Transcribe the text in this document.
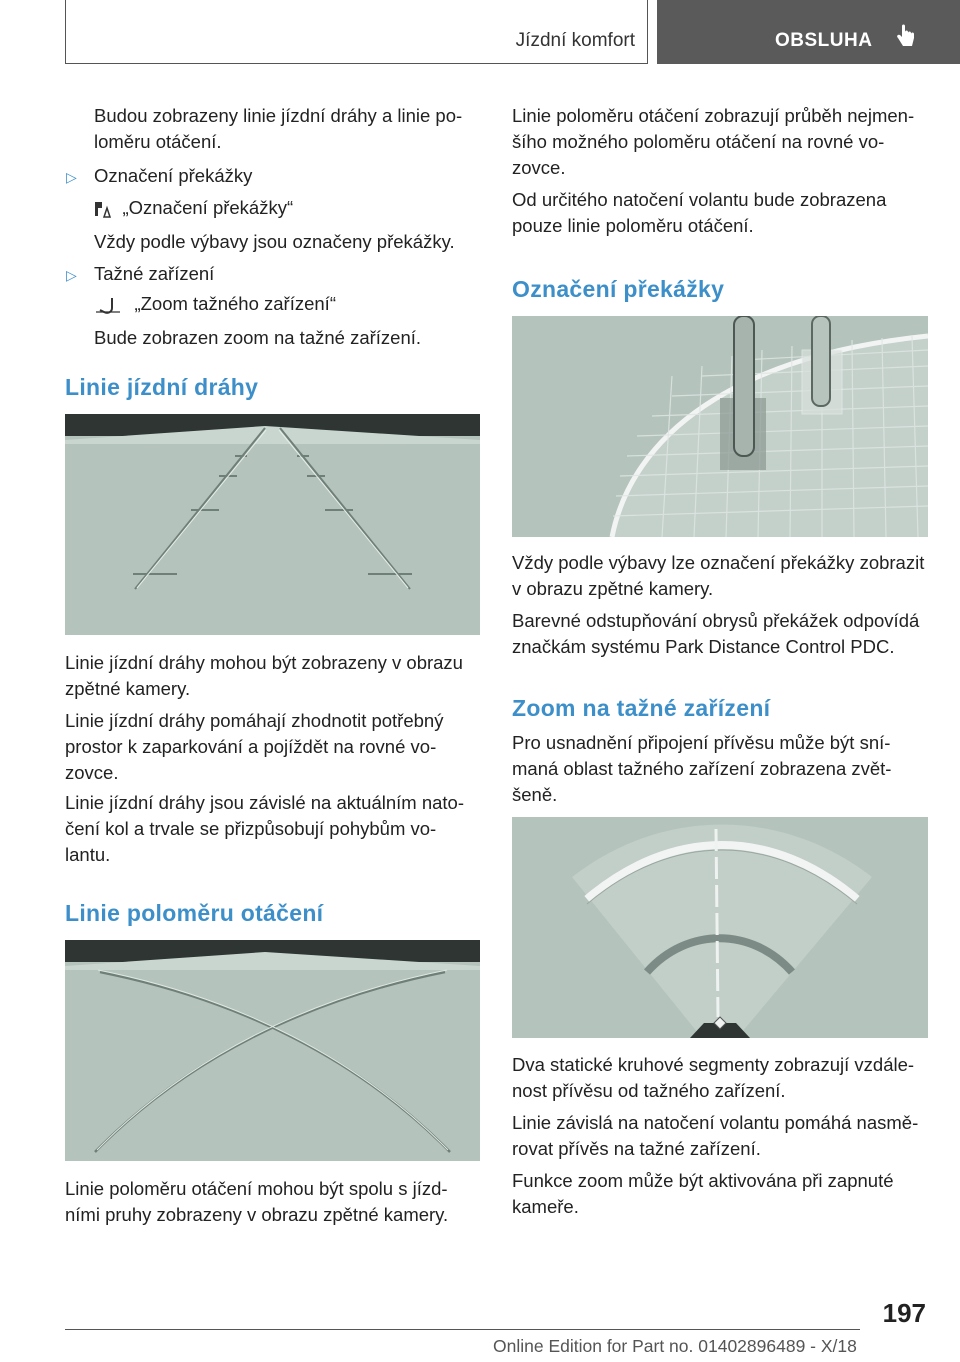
Jízdní komfort	OBSLUHA

Budou zobrazeny linie jízdní dráhy a linie po-

loměru otáčení.

▷ Označení překážky

„Označení překážky“

Vždy podle výbavy jsou označeny překážky.

▷ Tažné zařízení

„Zoom tažného zařízení“

Bude zobrazen zoom na tažné zařízení.

Linie jízdní dráhy

Linie jízdní dráhy mohou být zobrazeny v obrazu

zpětné kamery.

Linie jízdní dráhy pomáhají zhodnotit potřebný

prostor k zaparkování a pojíždět na rovné vo-

zovce.

Linie jízdní dráhy jsou závislé na aktuálním nato-

čení kol a trvale se přizpůsobují pohybům vo-

lantu.

Linie poloměru otáčení

Linie poloměru otáčení mohou být spolu s jízd-

ními pruhy zobrazeny v obrazu zpětné kamery.

Linie poloměru otáčení zobrazují průběh nejmen-

šího možného poloměru otáčení na rovné vo-

zovce.

Od určitého natočení volantu bude zobrazena

pouze linie poloměru otáčení.

Označení překážky

Vždy podle výbavy lze označení překážky zobrazit

v obrazu zpětné kamery.

Barevné odstupňování obrysů překážek odpovídá

značkám systému Park Distance Control PDC.

Zoom na tažné zařízení

Pro usnadnění připojení přívěsu může být sní-

maná oblast tažného zařízení zobrazena zvět-

šeně.

Dva statické kruhové segmenty zobrazují vzdále-

nost přívěsu od tažného zařízení.

Linie závislá na natočení volantu pomáhá nasmě-

rovat přívěs na tažné zařízení.

Funkce zoom může být aktivována při zapnuté

kameře.

197
Online Edition for Part no. 01402896489 - X/18
